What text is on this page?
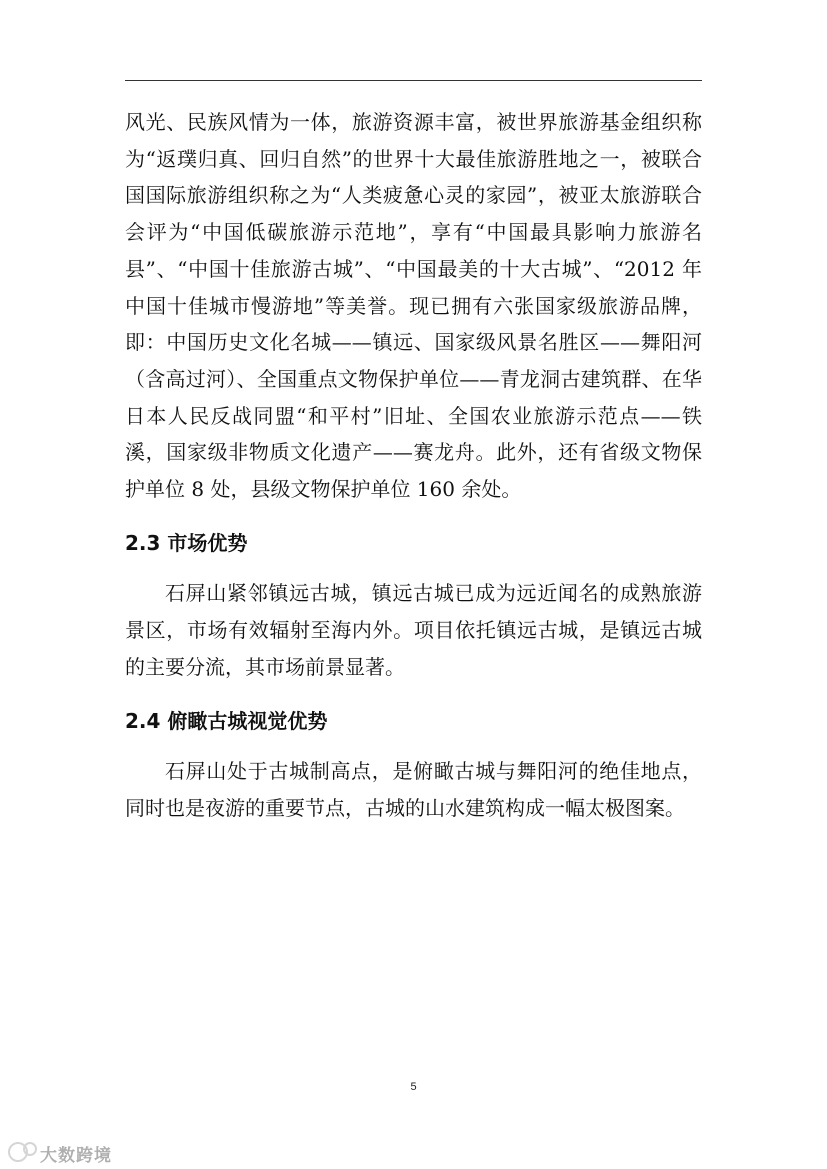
风光、民族风情为一体，旅游资源丰富，被世界旅游基金组织称为“返璞归真、回归自然”的世界十大最佳旅游胜地之一，被联合国国际旅游组织称之为“人类疲惫心灵的家园”，被亚太旅游联合会评为“中国低碳旅游示范地”，享有“中国最具影响力旅游名县”、“中国十佳旅游古城”、“中国最美的十大古城”、“2012 年中国十佳城市慢游地”等美誉。现已拥有六张国家级旅游品牌，即：中国历史文化名城——镇远、国家级风景名胜区——舞阳河（含高过河）、全国重点文物保护单位——青龙洞古建筑群、在华日本人民反战同盟“和平村”旧址、全国农业旅游示范点——铁溪，国家级非物质文化遗产——赛龙舟。此外，还有省级文物保护单位 8 处，县级文物保护单位 160 余处。

2.3 市场优势

石屏山紧邻镇远古城，镇远古城已成为远近闻名的成熟旅游景区，市场有效辐射至海内外。项目依托镇远古城，是镇远古城的主要分流，其市场前景显著。

2.4 俯瞰古城视觉优势

石屏山处于古城制高点，是俯瞰古城与舞阳河的绝佳地点，同时也是夜游的重要节点，古城的山水建筑构成一幅太极图案。

5
大数跨境
